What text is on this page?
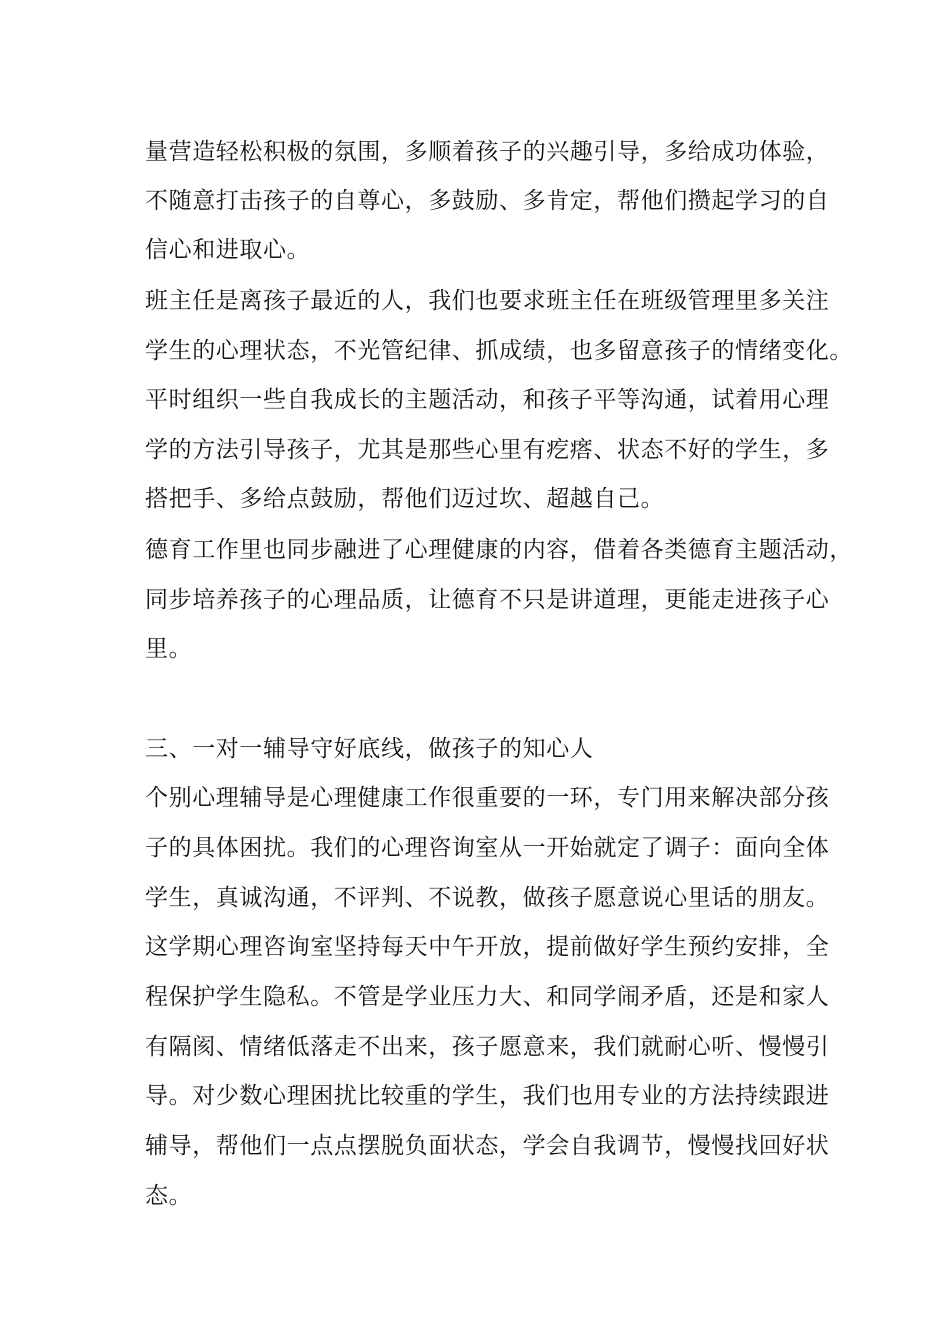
量营造轻松积极的氛围，多顺着孩子的兴趣引导，多给成功体验，
不随意打击孩子的自尊心，多鼓励、多肯定，帮他们攒起学习的自
信心和进取心。
班主任是离孩子最近的人，我们也要求班主任在班级管理里多关注
学生的心理状态，不光管纪律、抓成绩，也多留意孩子的情绪变化。
平时组织一些自我成长的主题活动，和孩子平等沟通，试着用心理
学的方法引导孩子，尤其是那些心里有疙瘩、状态不好的学生，多
搭把手、多给点鼓励，帮他们迈过坎、超越自己。
德育工作里也同步融进了心理健康的内容，借着各类德育主题活动，
同步培养孩子的心理品质，让德育不只是讲道理，更能走进孩子心
里。
三、一对一辅导守好底线，做孩子的知心人
个别心理辅导是心理健康工作很重要的一环，专门用来解决部分孩
子的具体困扰。我们的心理咨询室从一开始就定了调子：面向全体
学生，真诚沟通，不评判、不说教，做孩子愿意说心里话的朋友。
这学期心理咨询室坚持每天中午开放，提前做好学生预约安排，全
程保护学生隐私。不管是学业压力大、和同学闹矛盾，还是和家人
有隔阂、情绪低落走不出来，孩子愿意来，我们就耐心听、慢慢引
导。对少数心理困扰比较重的学生，我们也用专业的方法持续跟进
辅导，帮他们一点点摆脱负面状态，学会自我调节，慢慢找回好状
态。
